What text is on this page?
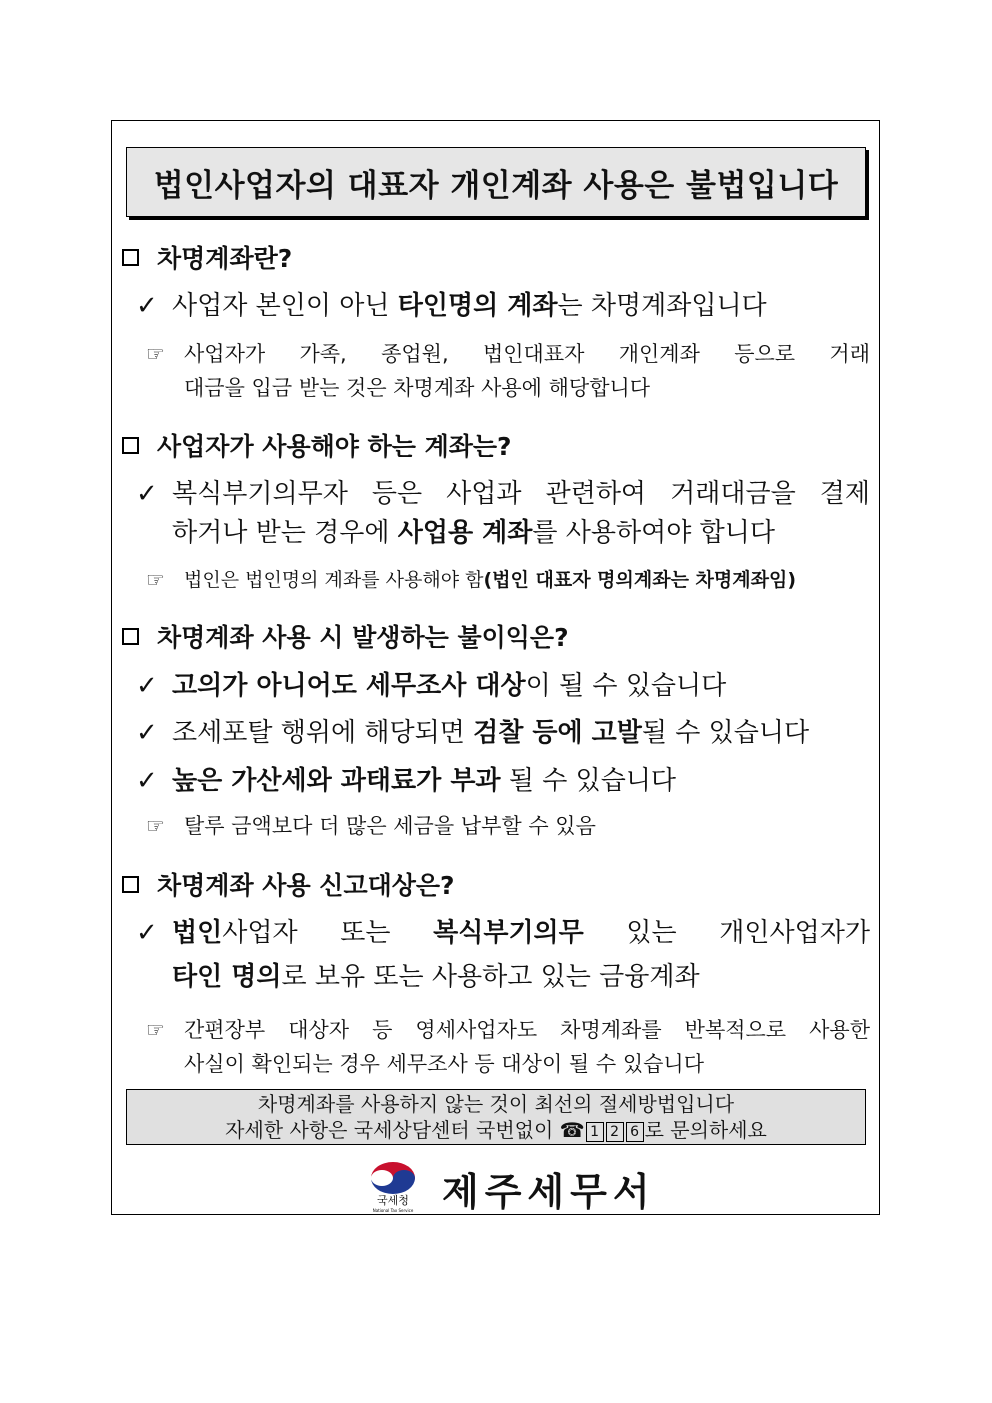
법인사업자의 대표자 개인계좌 사용은 불법입니다
차명계좌란?
✓ 사업자 본인이 아닌 타인명의 계좌는 차명계좌입니다
☞ 사업자가 가족, 종업원, 법인대표자 개인계좌 등으로 거래
대금을 입금 받는 것은 차명계좌 사용에 해당합니다
사업자가 사용해야 하는 계좌는?
✓ 복식부기의무자 등은 사업과 관련하여 거래대금을 결제
하거나 받는 경우에 사업용 계좌를 사용하여야 합니다
☞ 법인은 법인명의 계좌를 사용해야 함(법인 대표자 명의계좌는 차명계좌임)
차명계좌 사용 시 발생하는 불이익은?
✓ 고의가 아니어도 세무조사 대상이 될 수 있습니다
✓ 조세포탈 행위에 해당되면 검찰 등에 고발될 수 있습니다
✓ 높은 가산세와 과태료가 부과 될 수 있습니다
☞ 탈루 금액보다 더 많은 세금을 납부할 수 있음
차명계좌 사용 신고대상은?
✓ 법인사업자 또는 복식부기의무 있는 개인사업자가
타인 명의로 보유 또는 사용하고 있는 금융계좌
☞ 간편장부 대상자 등 영세사업자도 차명계좌를 반복적으로 사용한
사실이 확인되는 경우 세무조사 등 대상이 될 수 있습니다
차명계좌를 사용하지 않는 것이 최선의 절세방법입니다
자세한 사항은 국세상담센터 국번없이 ☎ 1 2 6 로 문의하세요
국세청
National Tax Service 제주세무서
